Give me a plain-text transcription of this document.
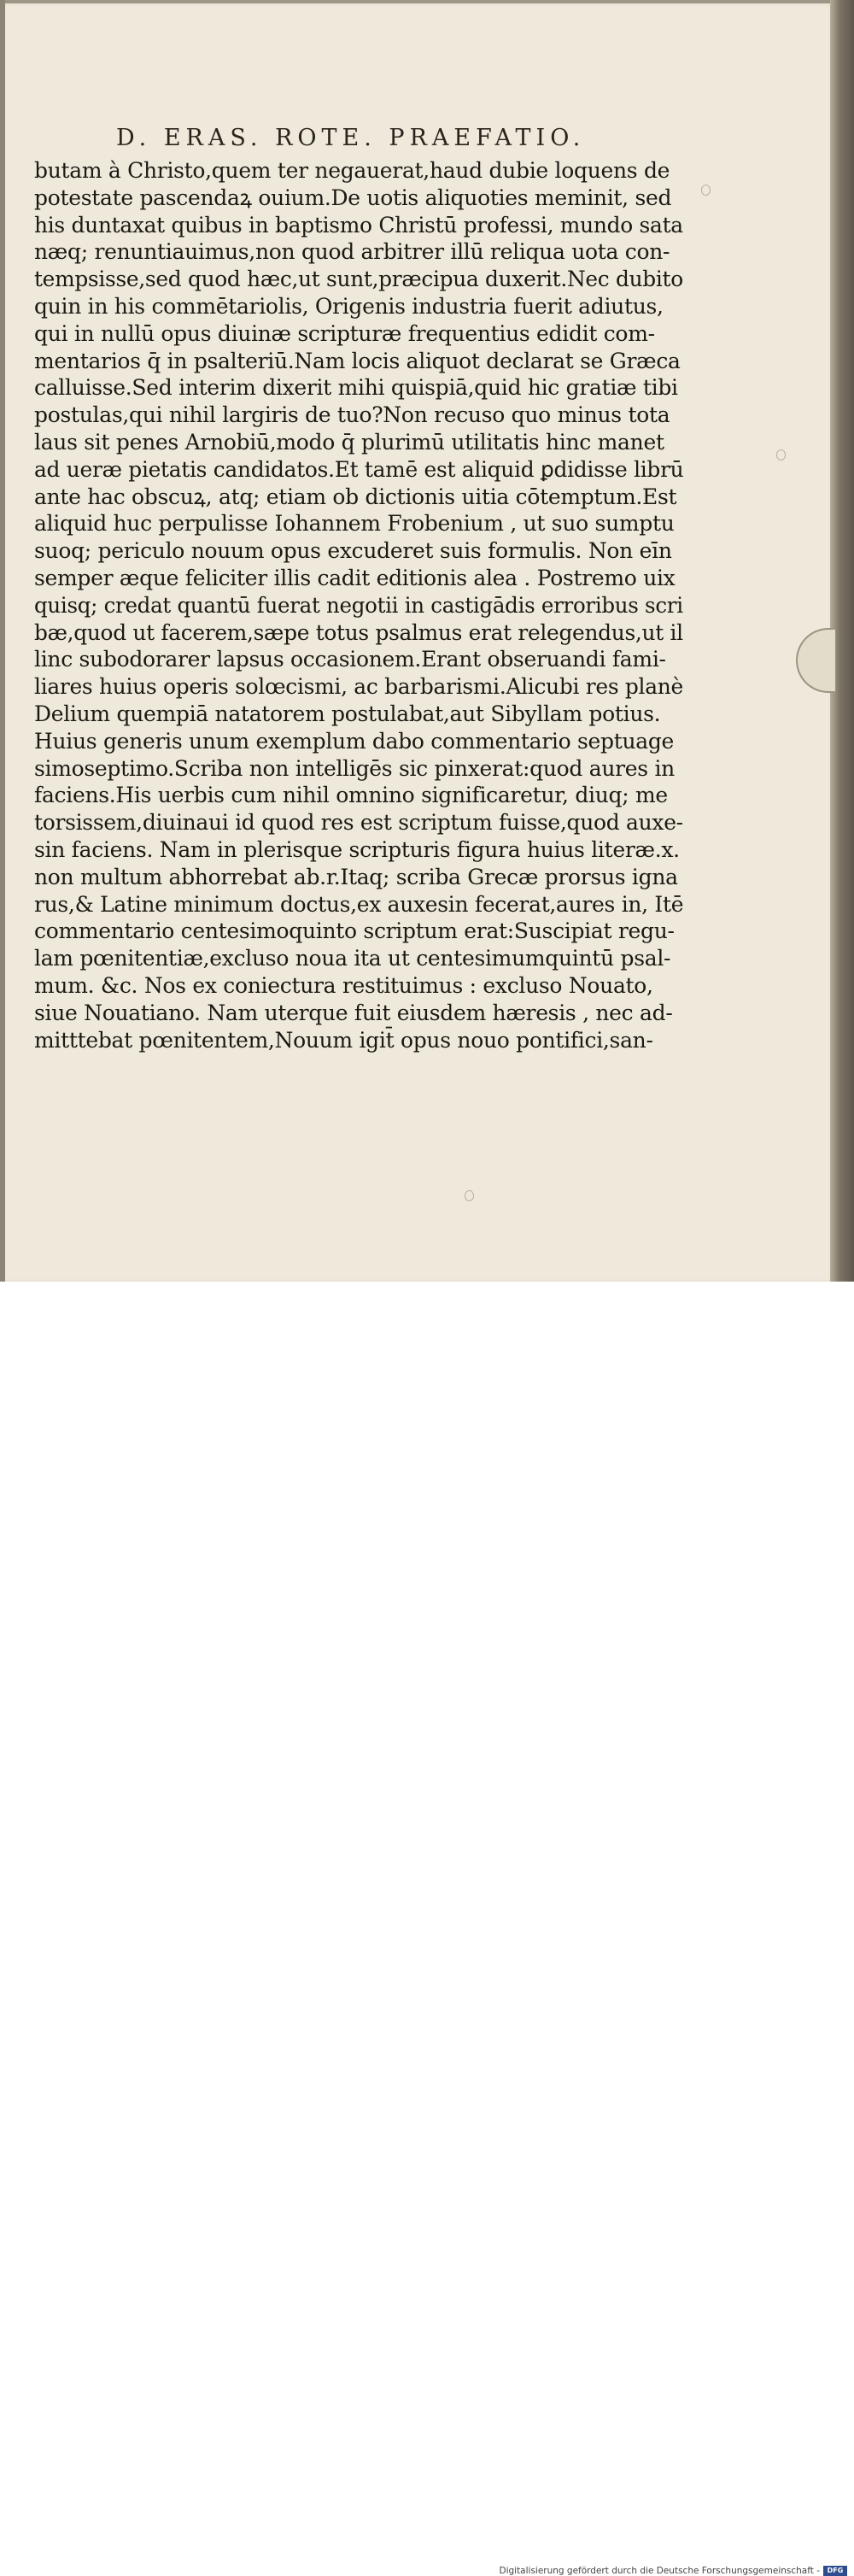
D. ERAS. ROTE. PRAEFATIO.
butam à Christo,quem ter negauerat,haud dubie loquens de
potestate pascendaꝝ ouium.De uotis aliquoties meminit, sed
his duntaxat quibus in baptismo Christū professi, mundo sata
næq; renuntiauimus,non quod arbitrer illū reliqua uota con-
tempsisse,sed quod hæc,ut sunt,præcipua duxerit.Nec dubito
quin in his commētariolis, Origenis industria fuerit adiutus,
qui in nullū opus diuinæ scripturæ frequentius edidit com-
mentarios q̄ in psalteriū.Nam locis aliquot declarat se Græca
calluisse.Sed interim dixerit mihi quispiā,quid hic gratiæ tibi
postulas,qui nihil largiris de tuo?Non recuso quo minus tota
laus sit penes Arnobiū,modo q̄ plurimū utilitatis hinc manet
ad ueræ pietatis candidatos.Et tamē est aliquid ꝑdidisse librū
ante hac obscuꝝ, atq; etiam ob dictionis uitia cōtemptum.Est
aliquid huc perpulisse Iohannem Frobenium , ut suo sumptu
suoq; periculo nouum opus excuderet suis formulis. Non eīn
semper æque feliciter illis cadit editionis alea . Postremo uix
quisq; credat quantū fuerat negotii in castigādis erroribus scri
bæ,quod ut facerem,sæpe totus psalmus erat relegendus,ut il
linc subodorarer lapsus occasionem.Erant obseruandi fami-
liares huius operis solœcismi, ac barbarismi.Alicubi res planè
Delium quempiā natatorem postulabat,aut Sibyllam potius.
Huius generis unum exemplum dabo commentario septuage
simoseptimo.Scriba non intelligēs sic pinxerat:quod aures in
faciens.His uerbis cum nihil omnino significaretur, diuq; me
torsissem,diuinaui id quod res est scriptum fuisse,quod auxe-
sin faciens. Nam in plerisque scripturis figura huius literæ.x.
non multum abhorrebat ab.r.Itaq; scriba Grecæ prorsus igna
rus,& Latine minimum doctus,ex auxesin fecerat,aures in, Itē
commentario centesimoquinto scriptum erat:Suscipiat regu-
lam pœnitentiæ,excluso noua ita ut centesimumquintū psal-
mum. &c. Nos ex coniectura restituimus : excluso Nouato,
siue Nouatiano. Nam uterque fuit eiusdem hæresis , nec ad-
mitttebat pœnitentem,Nouum igit̄ opus nouo pontifici,san-
Digitalisierung gefördert durch die Deutsche Forschungsgemeinschaft -	DFG
